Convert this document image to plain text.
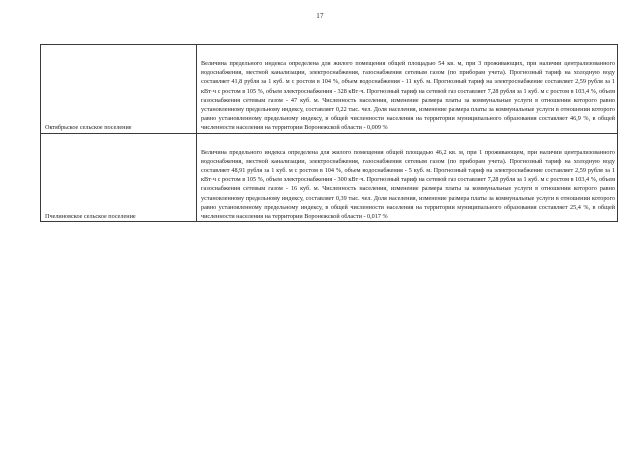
17
Октябрьское сельское поселение	Величина предельного индекса определена для жилого помещения общей площадью 54 кв. м, при 3 проживающих, при наличии централизованного водоснабжения, местной канализации, электроснабжения, газоснабжения сетевым газом (по приборам учета). Прогнозный тариф на холодную воду составляет 41,8 рубля за 1 куб. м с ростом в 104 %, объем водоснабжения - 11 куб. м. Прогнозный тариф на электроснабжение составляет 2,59 рубля за 1 кВт·ч с ростом в 105 %, объем электроснабжения - 328 кВт·ч. Прогнозный тариф на сетевой газ составляет 7,28 рубля за 1 куб. м с ростом в 103,4 %, объем газоснабжения сетевым газом - 47 куб. м. Численность населения, изменение размера платы за коммунальные услуги в отношении которого равно установленному предельному индексу, составляет 0,22 тыс. чел. Доля населения, изменение размера платы за коммунальные услуги в отношении которого равно установленному предельному индексу, в общей численности населения на территории муниципального образования составляет 46,9 %, в общей численности населения на территории Воронежской области - 0,009 %

Пчелиновское сельское поселение	Величина предельного индекса определена для жилого помещения общей площадью 46,2 кв. м, при 1 проживающем, при наличии централизованного водоснабжения, местной канализации, электроснабжения, газоснабжения сетевым газом (по приборам учета). Прогнозный тариф на холодную воду составляет 48,91 рубля за 1 куб. м с ростом в 104 %, объем водоснабжения - 5 куб. м. Прогнозный тариф на электроснабжение составляет 2,59 рубля за 1 кВт·ч с ростом в 105 %, объем электроснабжения - 300 кВт·ч. Прогнозный тариф на сетевой газ составляет 7,28 рубля за 1 куб. м с ростом в 103,4 %, объем газоснабжения сетевым газом - 16 куб. м. Численность населения, изменение размера платы за коммунальные услуги в отношении которого равно установленному предельному индексу, составляет 0,39 тыс. чел. Доля населения, изменение размера платы за коммунальные услуги в отношении которого равно установленному предельному индексу, в общей численности населения на территории муниципального образования составляет 25,4 %, в общей численности населения на территории Воронежской области - 0,017 %
